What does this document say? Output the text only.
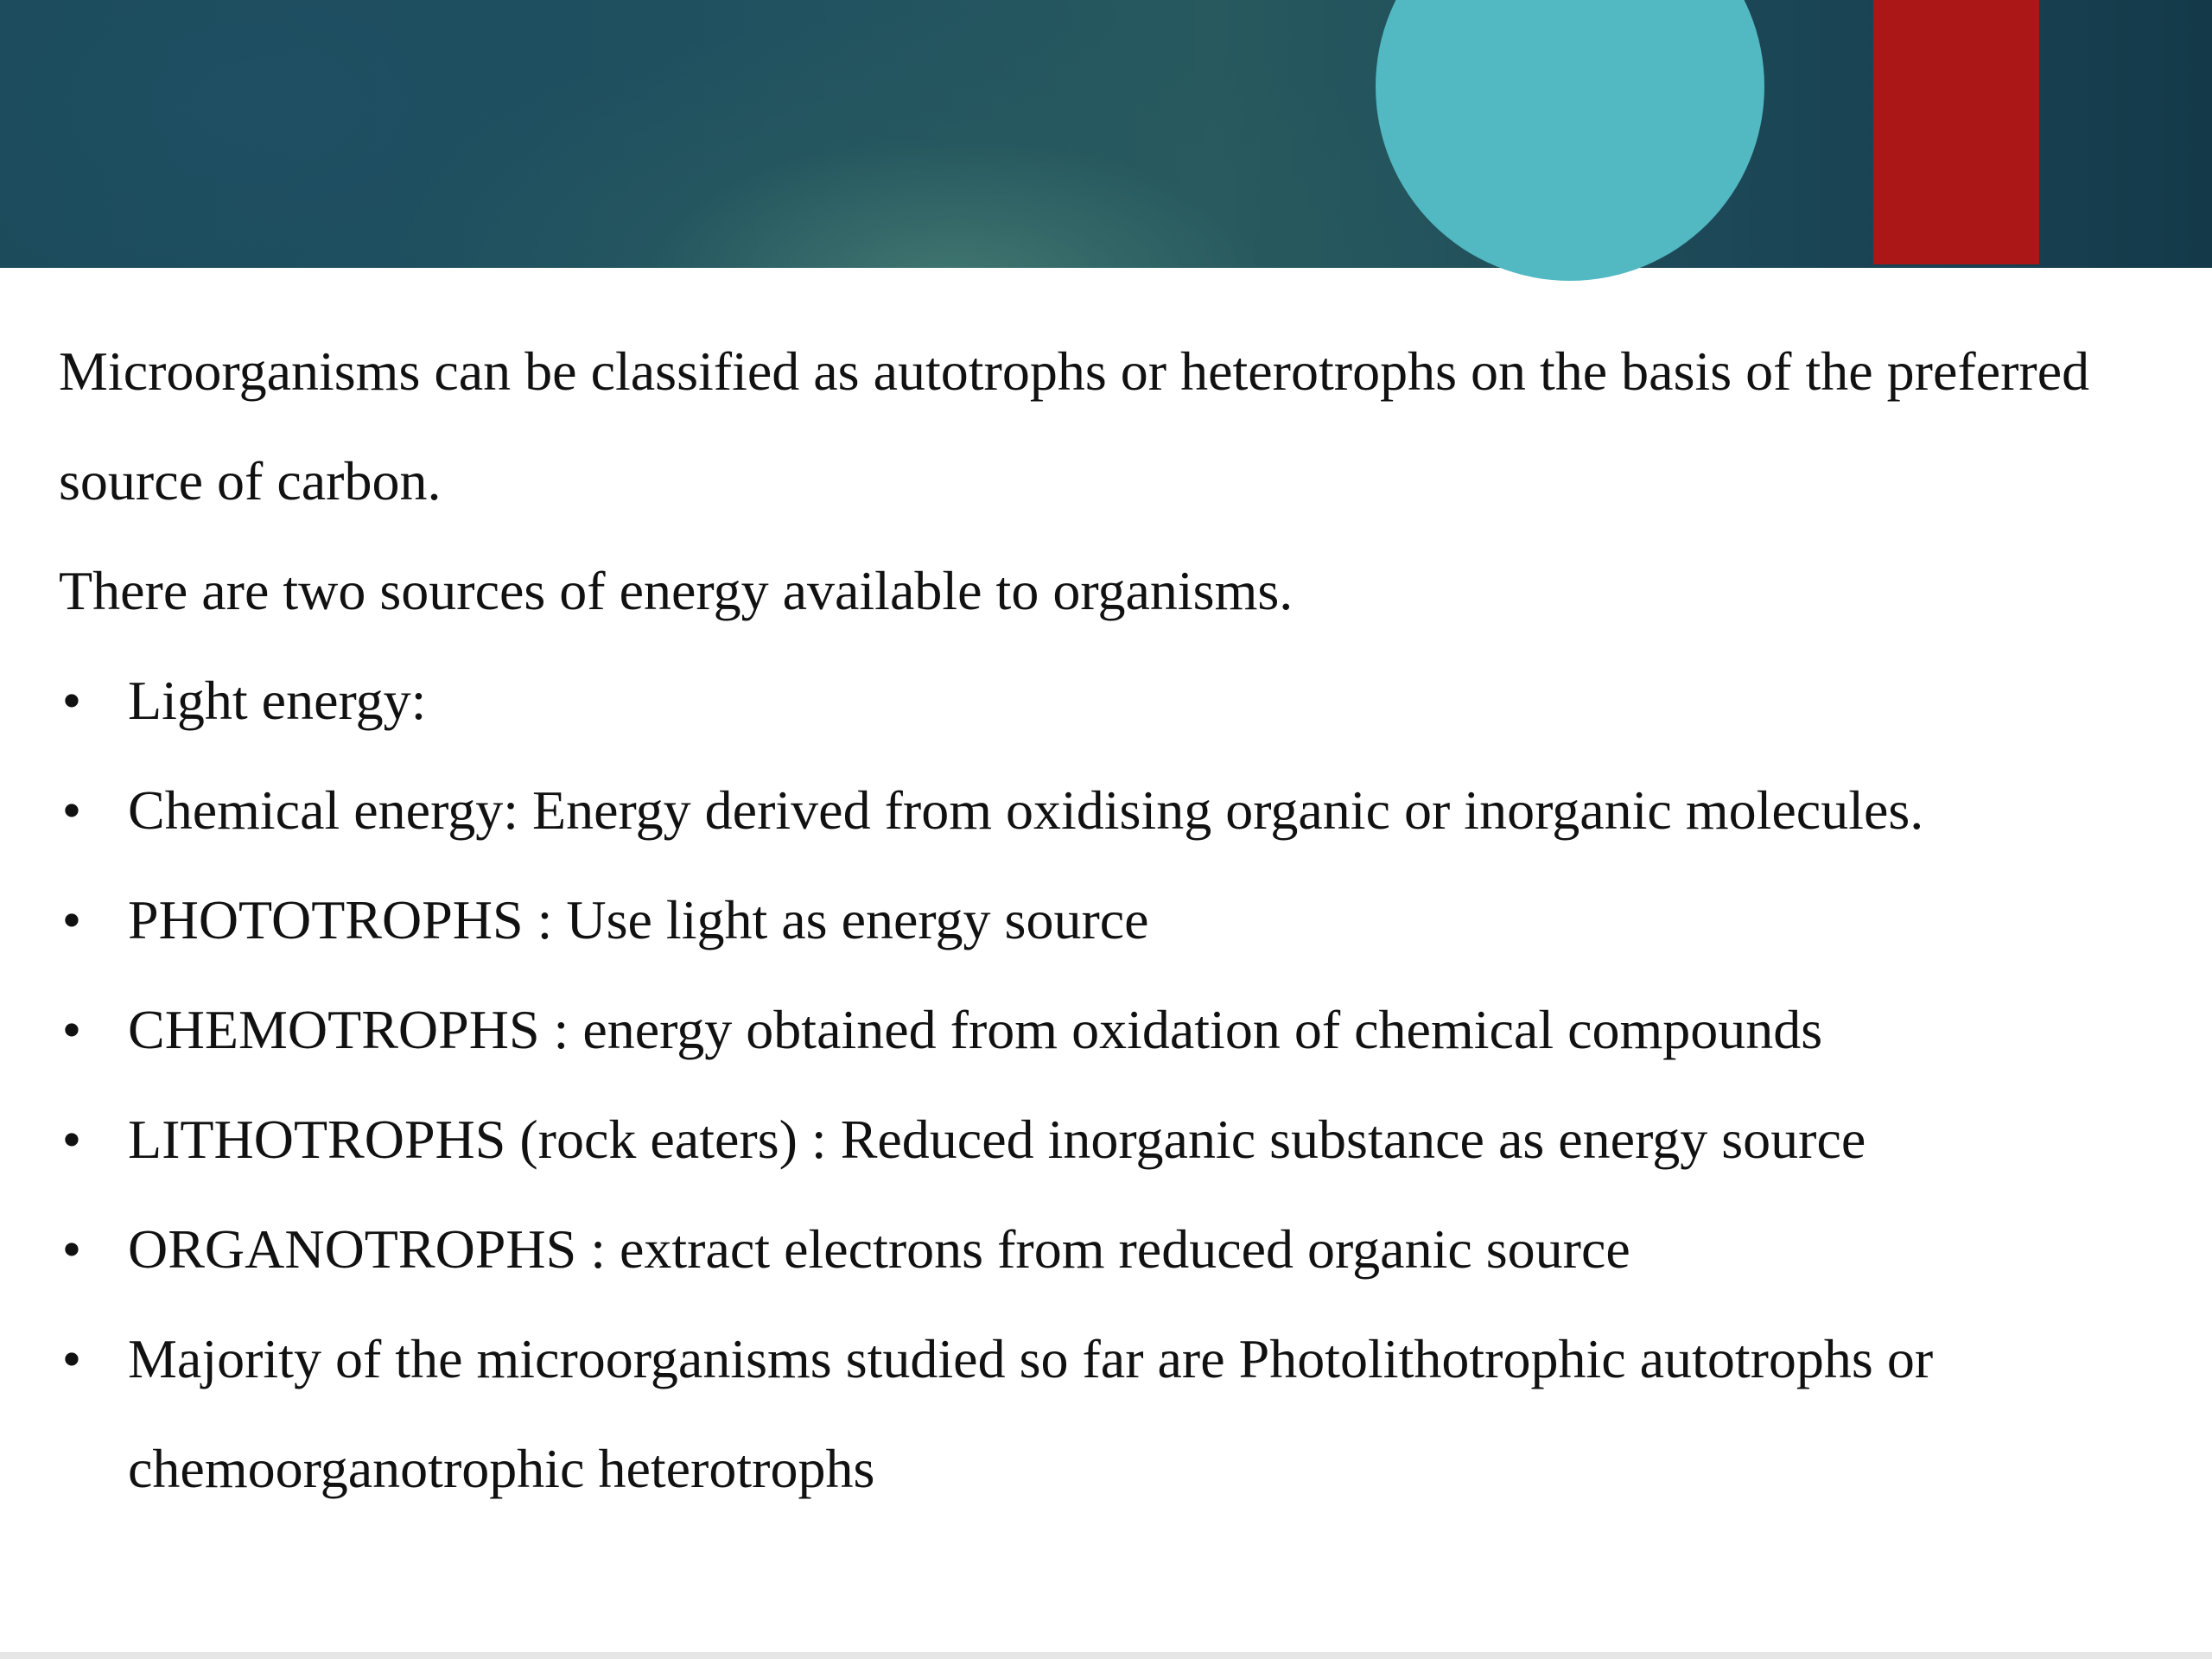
Microorganisms can be classified as autotrophs or heterotrophs on the basis of the preferred source of carbon.

There are two sources of energy available to organisms.

• Light energy:
• Chemical energy: Energy derived from oxidising organic or inorganic molecules.
• PHOTOTROPHS : Use light as energy source
• CHEMOTROPHS : energy obtained from oxidation of chemical compounds
• LITHOTROPHS (rock eaters) : Reduced inorganic substance as energy source
• ORGANOTROPHS : extract electrons from reduced organic source
• Majority of the microorganisms studied so far are Photolithotrophic autotrophs or chemoorganotrophic heterotrophs
